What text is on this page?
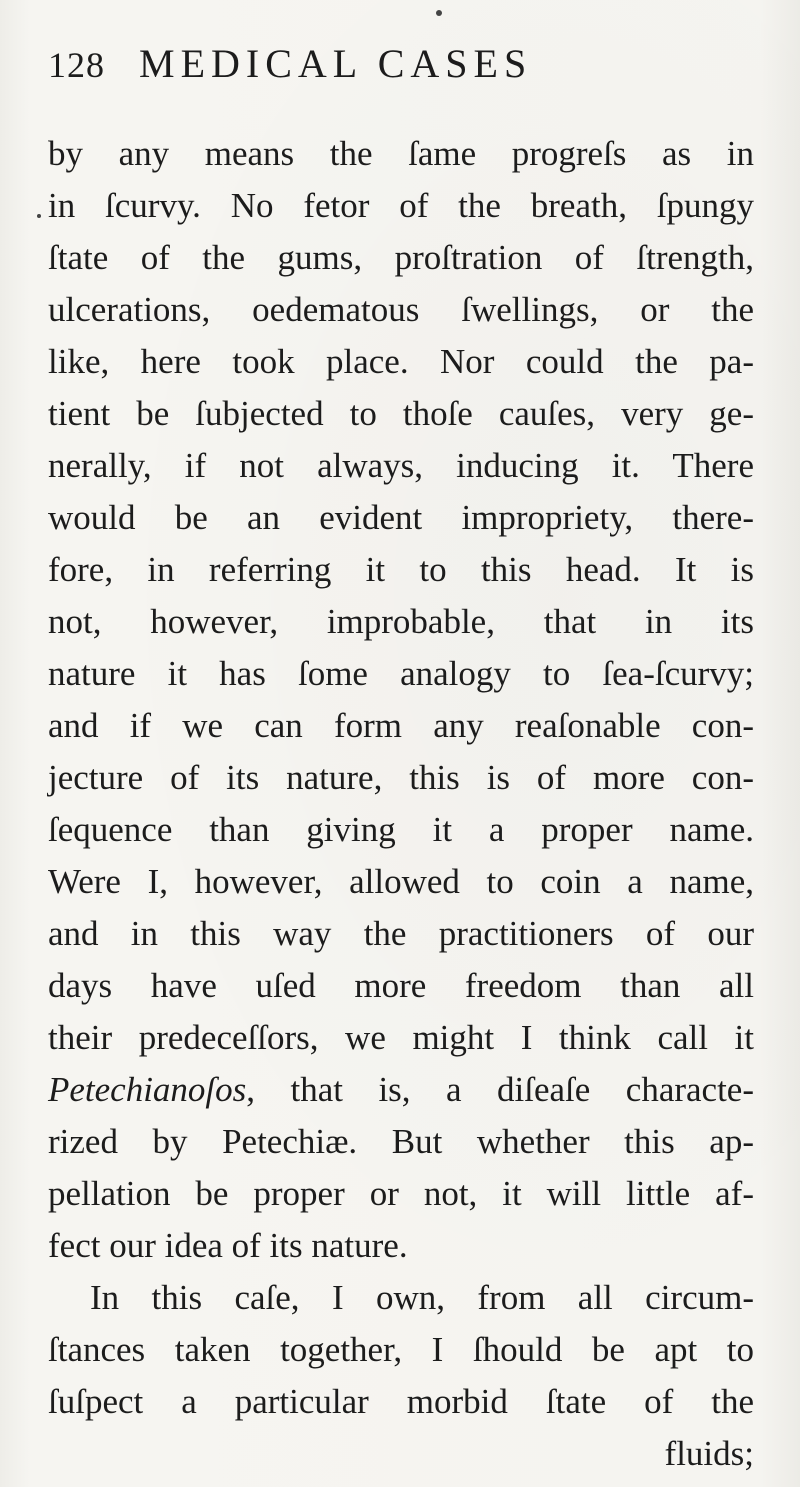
128 MEDICAL CASES
by any means the ſame progreſs as in
in ſcurvy. No fetor of the breath, ſpungy
ſtate of the gums, proſtration of ſtrength,
ulcerations, oedematous ſwellings, or the
like, here took place. Nor could the pa-
tient be ſubjected to thoſe cauſes, very ge-
nerally, if not always, inducing it. There
would be an evident impropriety, there-
fore, in referring it to this head. It is
not, however, improbable, that in its
nature it has ſome analogy to ſea-ſcurvy;
and if we can form any reaſonable con-
jecture of its nature, this is of more con-
ſequence than giving it a proper name.
Were I, however, allowed to coin a name,
and in this way the practitioners of our
days have uſed more freedom than all
their predeceſſors, we might I think call it
Petechianoſos, that is, a diſeaſe characte-
rized by Petechiæ. But whether this ap-
pellation be proper or not, it will little af-
fect our idea of its nature.
In this caſe, I own, from all circum-
ſtances taken together, I ſhould be apt to
ſuſpect a particular morbid ſtate of the
fluids;
